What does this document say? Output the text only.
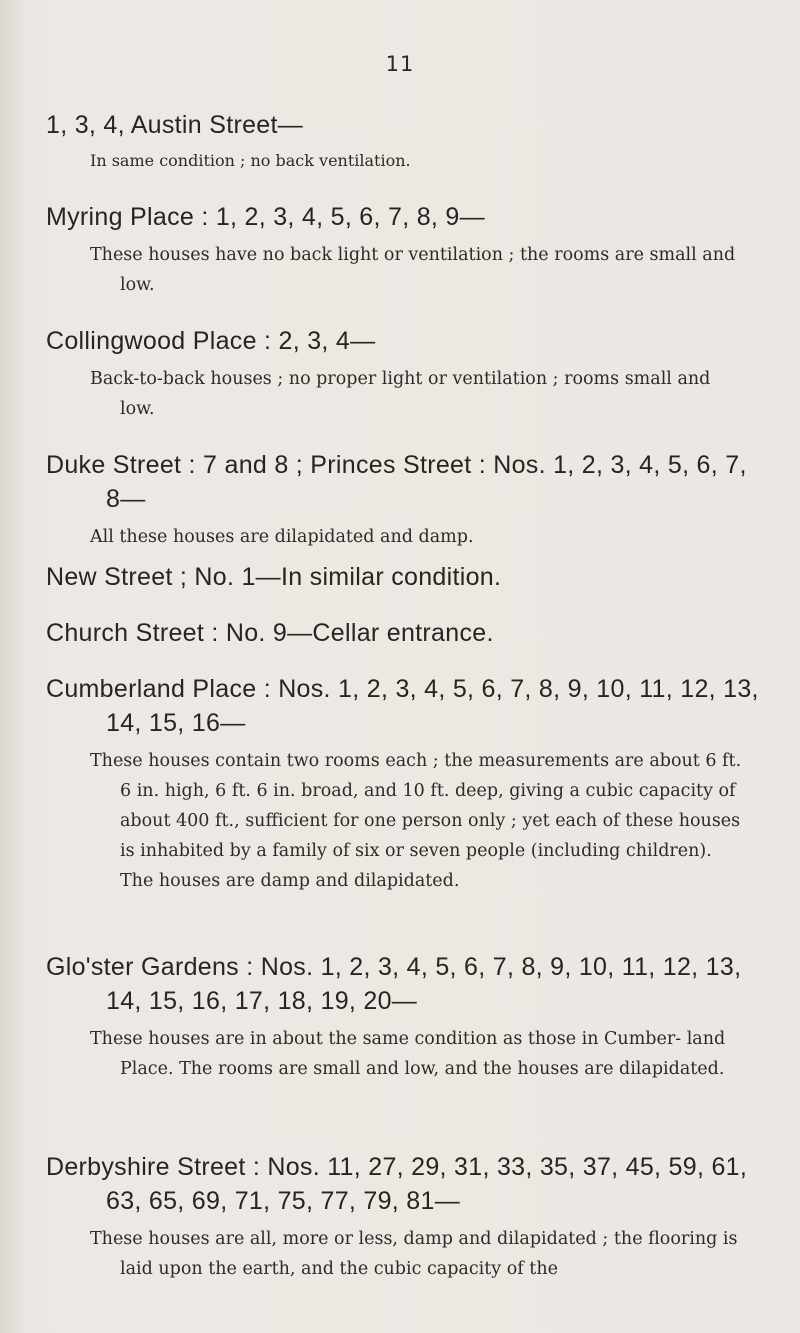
11
1, 3, 4, Austin Street—
In same condition ; no back ventilation.
Myring Place : 1, 2, 3, 4, 5, 6, 7, 8, 9—
These houses have no back light or ventilation ; the rooms are small and low.
Collingwood Place : 2, 3, 4—
Back-to-back houses ; no proper light or ventilation ; rooms small and low.
Duke Street : 7 and 8 ; Princes Street : Nos. 1, 2, 3, 4, 5, 6, 7, 8—
All these houses are dilapidated and damp.
New Street ; No. 1—In similar condition.
Church Street : No. 9—Cellar entrance.
Cumberland Place : Nos. 1, 2, 3, 4, 5, 6, 7, 8, 9, 10, 11, 12, 13, 14, 15, 16—
These houses contain two rooms each ; the measurements are about 6 ft. 6 in. high, 6 ft. 6 in. broad, and 10 ft. deep, giving a cubic capacity of about 400 ft., sufficient for one person only ; yet each of these houses is inhabited by a family of six or seven people (including children). The houses are damp and dilapidated.
Glo'ster Gardens : Nos. 1, 2, 3, 4, 5, 6, 7, 8, 9, 10, 11, 12, 13, 14, 15, 16, 17, 18, 19, 20—
These houses are in about the same condition as those in Cumber- land Place. The rooms are small and low, and the houses are dilapidated.
Derbyshire Street : Nos. 11, 27, 29, 31, 33, 35, 37, 45, 59, 61, 63, 65, 69, 71, 75, 77, 79, 81—
These houses are all, more or less, damp and dilapidated ; the flooring is laid upon the earth, and the cubic capacity of the
